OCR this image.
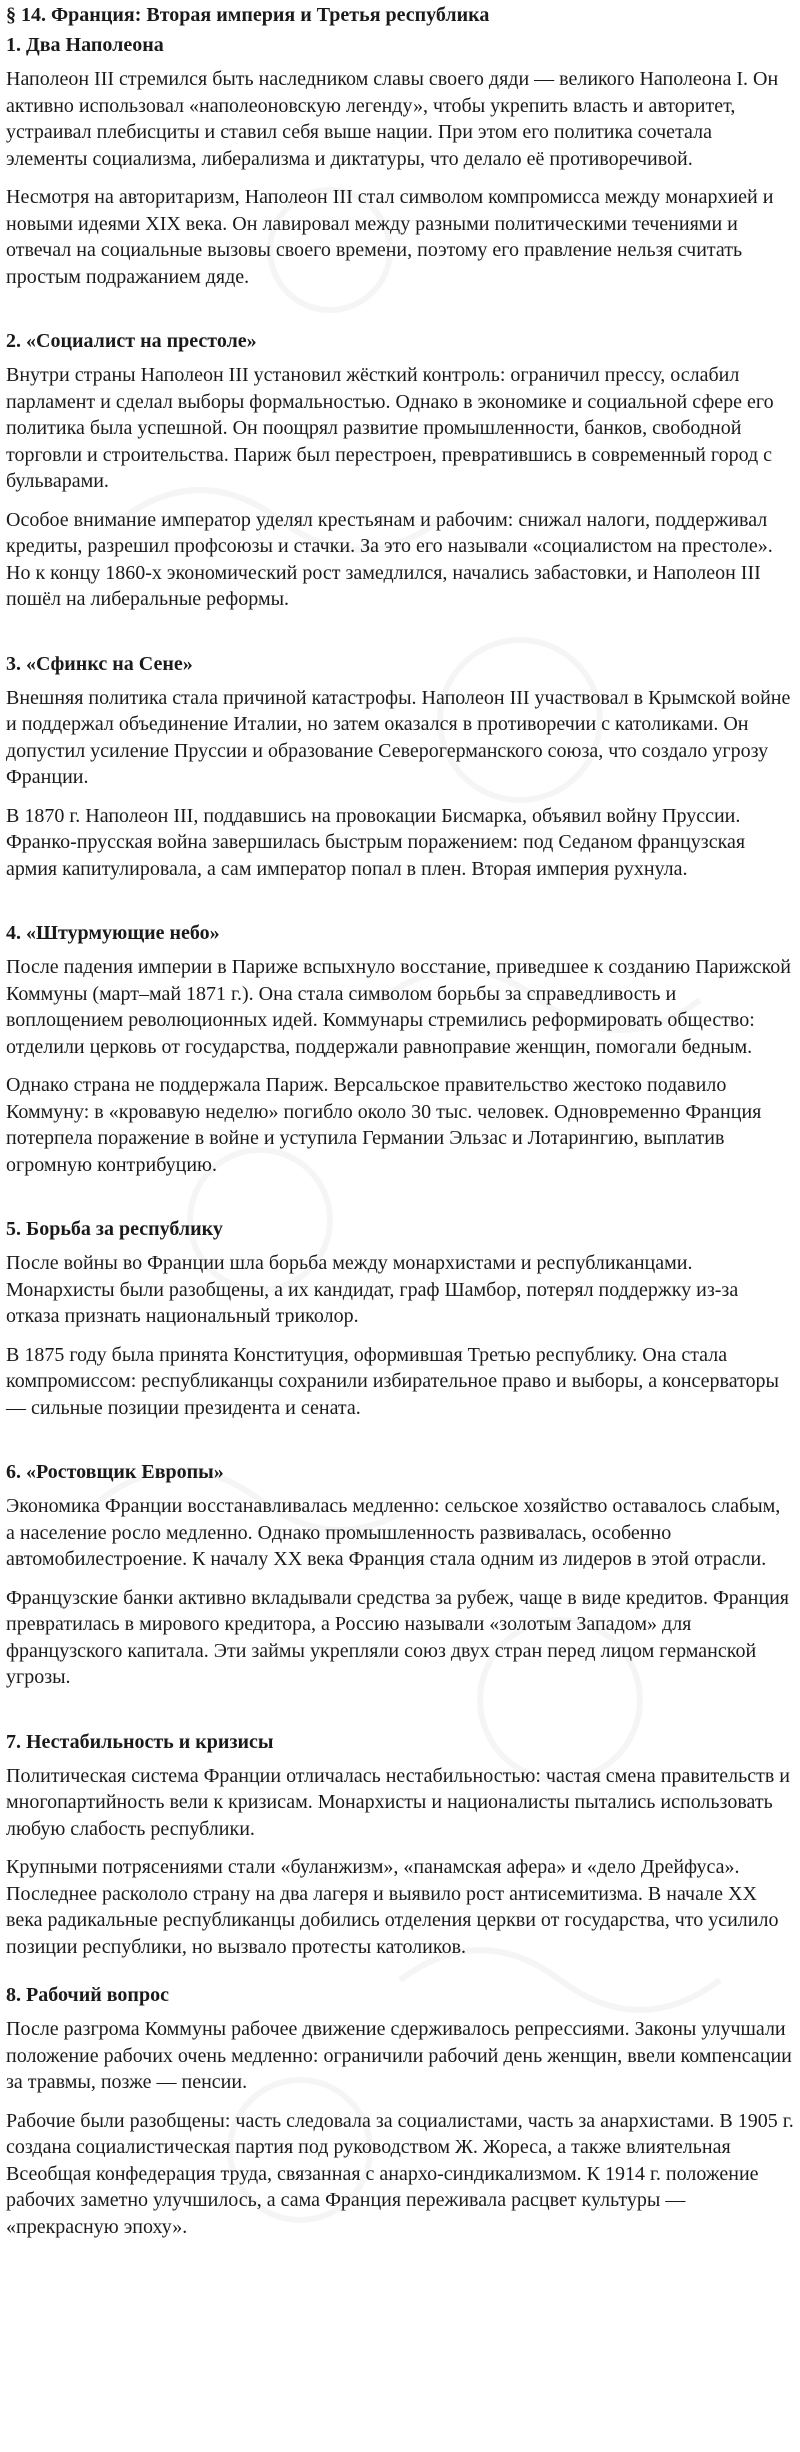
§ 14. Франция: Вторая империя и Третья республика
1. Два Наполеона

Наполеон III стремился быть наследником славы своего дяди — великого Наполеона I. Он активно использовал «наполеоновскую легенду», чтобы укрепить власть и авторитет, устраивал плебисциты и ставил себя выше нации. При этом его политика сочетала элементы социализма, либерализма и диктатуры, что делало её противоречивой.

Несмотря на авторитаризм, Наполеон III стал символом компромисса между монархией и новыми идеями XIX века. Он лавировал между разными политическими течениями и отвечал на социальные вызовы своего времени, поэтому его правление нельзя считать простым подражанием дяде.

2. «Социалист на престоле»

Внутри страны Наполеон III установил жёсткий контроль: ограничил прессу, ослабил парламент и сделал выборы формальностью. Однако в экономике и социальной сфере его политика была успешной. Он поощрял развитие промышленности, банков, свободной торговли и строительства. Париж был перестроен, превратившись в современный город с бульварами.

Особое внимание император уделял крестьянам и рабочим: снижал налоги, поддерживал кредиты, разрешил профсоюзы и стачки. За это его называли «социалистом на престоле». Но к концу 1860-х экономический рост замедлился, начались забастовки, и Наполеон III пошёл на либеральные реформы.

3. «Сфинкс на Сене»

Внешняя политика стала причиной катастрофы. Наполеон III участвовал в Крымской войне и поддержал объединение Италии, но затем оказался в противоречии с католиками. Он допустил усиление Пруссии и образование Северогерманского союза, что создало угрозу Франции.

В 1870 г. Наполеон III, поддавшись на провокации Бисмарка, объявил войну Пруссии. Франко-прусская война завершилась быстрым поражением: под Седаном французская армия капитулировала, а сам император попал в плен. Вторая империя рухнула.

4. «Штурмующие небо»

После падения империи в Париже вспыхнуло восстание, приведшее к созданию Парижской Коммуны (март–май 1871 г.). Она стала символом борьбы за справедливость и воплощением революционных идей. Коммунары стремились реформировать общество: отделили церковь от государства, поддержали равноправие женщин, помогали бедным.

Однако страна не поддержала Париж. Версальское правительство жестоко подавило Коммуну: в «кровавую неделю» погибло около 30 тыс. человек. Одновременно Франция потерпела поражение в войне и уступила Германии Эльзас и Лотарингию, выплатив огромную контрибуцию.

5. Борьба за республику

После войны во Франции шла борьба между монархистами и республиканцами. Монархисты были разобщены, а их кандидат, граф Шамбор, потерял поддержку из-за отказа признать национальный триколор.

В 1875 году была принята Конституция, оформившая Третью республику. Она стала компромиссом: республиканцы сохранили избирательное право и выборы, а консерваторы — сильные позиции президента и сената.

6. «Ростовщик Европы»

Экономика Франции восстанавливалась медленно: сельское хозяйство оставалось слабым, а население росло медленно. Однако промышленность развивалась, особенно автомобилестроение. К началу XX века Франция стала одним из лидеров в этой отрасли.

Французские банки активно вкладывали средства за рубеж, чаще в виде кредитов. Франция превратилась в мирового кредитора, а Россию называли «золотым Западом» для французского капитала. Эти займы укрепляли союз двух стран перед лицом германской угрозы.

7. Нестабильность и кризисы

Политическая система Франции отличалась нестабильностью: частая смена правительств и многопартийность вели к кризисам. Монархисты и националисты пытались использовать любую слабость республики.

Крупными потрясениями стали «буланжизм», «панамская афера» и «дело Дрейфуса». Последнее раскололо страну на два лагеря и выявило рост антисемитизма. В начале XX века радикальные республиканцы добились отделения церкви от государства, что усилило позиции республики, но вызвало протесты католиков.

8. Рабочий вопрос

После разгрома Коммуны рабочее движение сдерживалось репрессиями. Законы улучшали положение рабочих очень медленно: ограничили рабочий день женщин, ввели компенсации за травмы, позже — пенсии.

Рабочие были разобщены: часть следовала за социалистами, часть за анархистами. В 1905 г. создана социалистическая партия под руководством Ж. Жореса, а также влиятельная Всеобщая конфедерация труда, связанная с анархо-синдикализмом. К 1914 г. положение рабочих заметно улучшилось, а сама Франция переживала расцвет культуры — «прекрасную эпоху».
